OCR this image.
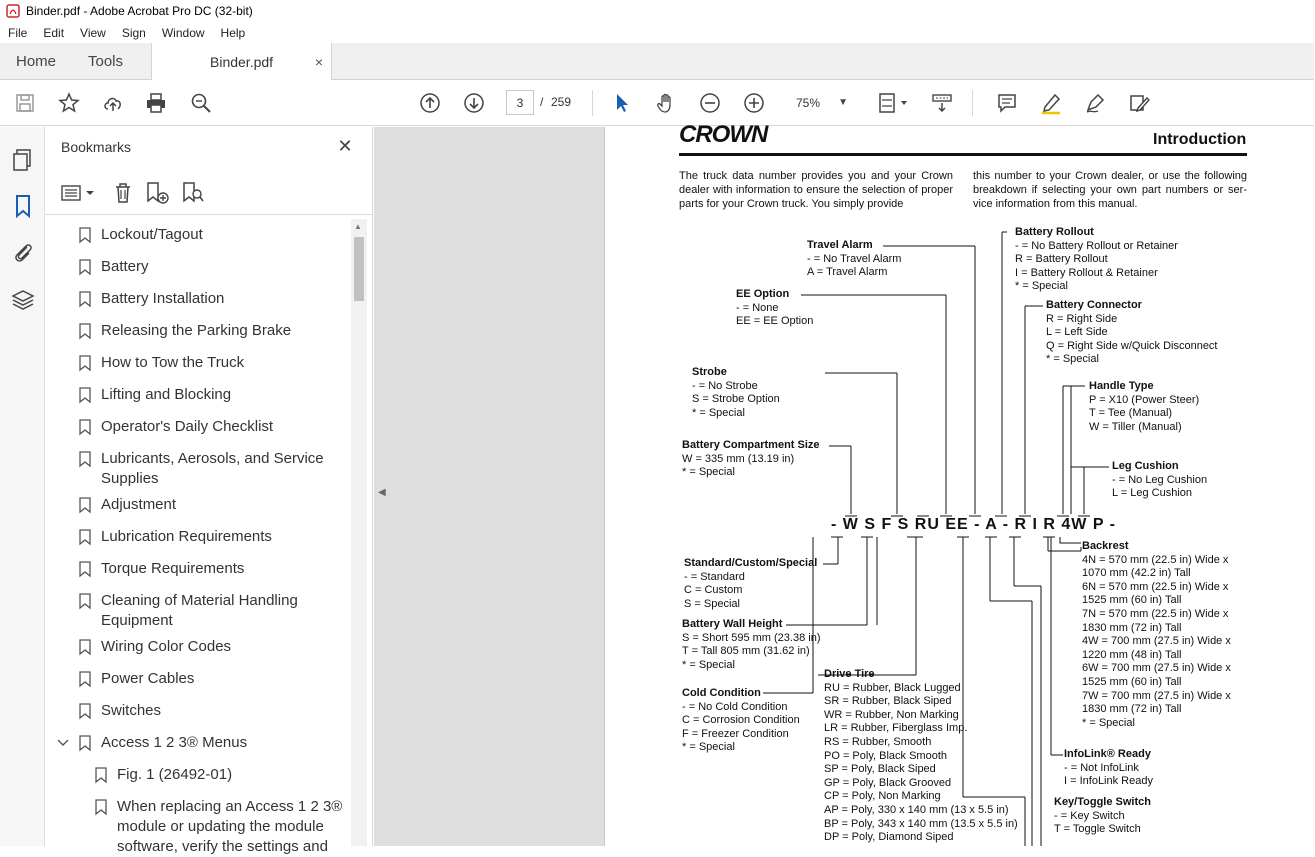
Binder.pdf - Adobe Acrobat Pro DC (32-bit)
File	Edit	View	Sign	Window	Help
Home Tools	Binder.pdf	×
3	/ 259	75% ▼
Bookmarks	✕
Lockout/Tagout
Battery
Battery Installation
Releasing the Parking Brake
How to Tow the Truck
Lifting and Blocking
Operator's Daily Checklist
Lubricants, Aerosols, and Service
Supplies
Adjustment
Lubrication Requirements
Torque Requirements
Cleaning of Material Handling
Equipment
Wiring Color Codes
Power Cables
Switches
Access 1 2 3® Menus
Fig. 1 (26492-01)
When replacing an Access 1 2 3®
module or updating the module
software, verify the settings and
▲
◀
CROWN	Introduction
The truck data number provides you and your Crown dealer with information to ensure the selection of proper parts for your Crown truck. You simply provide
this number to your Crown dealer, or use the following breakdown if selecting your own part numbers or ser-vice information from this manual.
- W S F S RU EE - A - R I R 4W P -
Travel Alarm
- = No Travel Alarm
A = Travel Alarm
EE Option
- = None
EE = EE Option
Strobe
- = No Strobe
S = Strobe Option
* = Special
Battery Compartment Size
W = 335 mm (13.19 in)
* = Special
Battery Rollout
- = No Battery Rollout or Retainer
R = Battery Rollout
I = Battery Rollout & Retainer
* = Special
Battery Connector
R = Right Side
L = Left Side
Q = Right Side w/Quick Disconnect
* = Special
Handle Type
P = X10 (Power Steer)
T = Tee (Manual)
W = Tiller (Manual)
Leg Cushion
- = No Leg Cushion
L = Leg Cushion
Standard/Custom/Special
- = Standard
C = Custom
S = Special
Battery Wall Height
S = Short 595 mm (23.38 in)
T = Tall 805 mm (31.62 in)
* = Special
Cold Condition
- = No Cold Condition
C = Corrosion Condition
F = Freezer Condition
* = Special
Drive Tire
RU = Rubber, Black Lugged
SR = Rubber, Black Siped
WR = Rubber, Non Marking
LR = Rubber, Fiberglass Imp.
RS = Rubber, Smooth
PO = Poly, Black Smooth
SP = Poly, Black Siped
GP = Poly, Black Grooved
CP = Poly, Non Marking
AP = Poly, 330 x 140 mm (13 x 5.5 in)
BP = Poly, 343 x 140 mm (13.5 x 5.5 in)
DP = Poly, Diamond Siped
Backrest
4N = 570 mm (22.5 in) Wide x
1070 mm (42.2 in) Tall
6N = 570 mm (22.5 in) Wide x
1525 mm (60 in) Tall
7N = 570 mm (22.5 in) Wide x
1830 mm (72 in) Tall
4W = 700 mm (27.5 in) Wide x
1220 mm (48 in) Tall
6W = 700 mm (27.5 in) Wide x
1525 mm (60 in) Tall
7W = 700 mm (27.5 in) Wide x
1830 mm (72 in) Tall
* = Special
InfoLink® Ready
- = Not InfoLink
I = InfoLink Ready
Key/Toggle Switch
- = Key Switch
T = Toggle Switch
